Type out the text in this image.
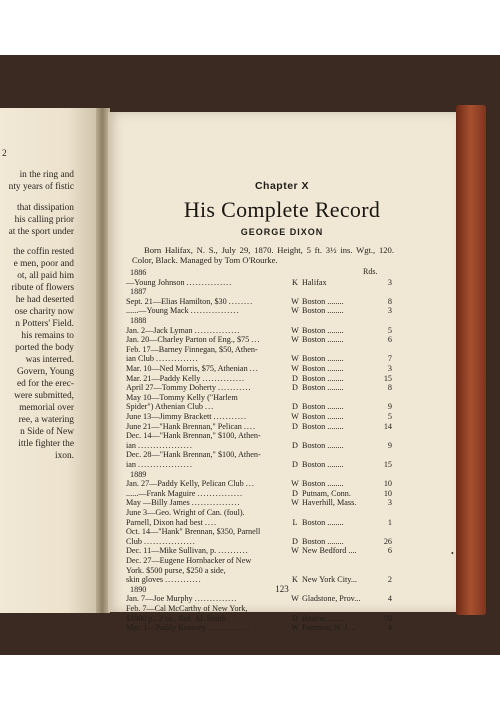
2
in the ring and
nty years of fistic
that dissipation
his calling prior
at the sport under
the coffin rested
e men, poor and
ot, all paid him
ribute of flowers
he had deserted
ose charity now
n Potters' Field.
his remains to
ported the body
was interred.
Govern, Young
ed for the erec-
were submitted,
memorial over
ree, a watering
n Side of New
ittle fighter the
ixon.
Chapter X
His Complete Record
GEORGE DIXON
Born Halifax, N. S., July 29, 1870. Height, 5 ft. 3½ ins. Wgt., 120. Color, Black. Managed by Tom O'Rourke.
Rds.
1886
—Young Johnson	K Halifax	3
...............
1887
Sept. 21—Elias Hamilton, $30	W Boston ........	8
........
......—Young Mack	W Boston ........	3
................
1888
Jan. 2—Jack Lyman	W Boston ........	5
...............
Jan. 20—Charley Parton of Eng., $75	W Boston ........	6
...
Feb. 17—Barney Finnegan, $50, Athen-
ian Club	W Boston ........	7
..............
Mar. 10—Ned Morris, $75, Athenian	W Boston ........	3
...
Mar. 21—Paddy Kelly	D Boston ........	15
..............
April 27—Tommy Doherty	D Boston ........	8
...........
May 10—Tommy Kelly ("Harlem
Spider") Athenian Club	D Boston ........	9
...
June 13—Jimmy Brackett	W Boston ........	5
...........
June 21—"Hank Brennan," Pelican	D Boston ........	14
....
Dec. 14—"Hank Brennan," $100, Athen-
ian	D Boston ........	9
..................
Dec. 28—"Hank Brennan," $100, Athen-
ian	D Boston ........	15
..................
1889
Jan. 27—Paddy Kelly, Pelican Club	W Boston ........	10
...
......—Frank Maguire	D Putnam, Conn.	10
...............
May —Billy James	W Haverhill, Mass.	3
................
June 3—Geo. Wright of Can. (foul).
Parnell, Dixon had best	L Boston ........	1
....
Oct. 14—"Hank" Brennan, $350, Parnell
Club	D Boston ........	26
.................
Dec. 11—Mike Sullivan, p.	W New Bedford ....	6
..........
Dec. 27—Eugene Hornbacker of New
York. $500 purse, $250 a side,
skin gloves	K New York City...	2
............
1890
Jan. 7—Joe Murphy	W Gladstone, Prov...	4
..............
Feb. 7—Cal McCarthy of New York,
$1000 p., 2 oz., Ref. Al. Smith	D Boston ........	70
.
Mar. 1—Paddy Kearney	W Paterson, N. J. ..	4
..............
123
•
